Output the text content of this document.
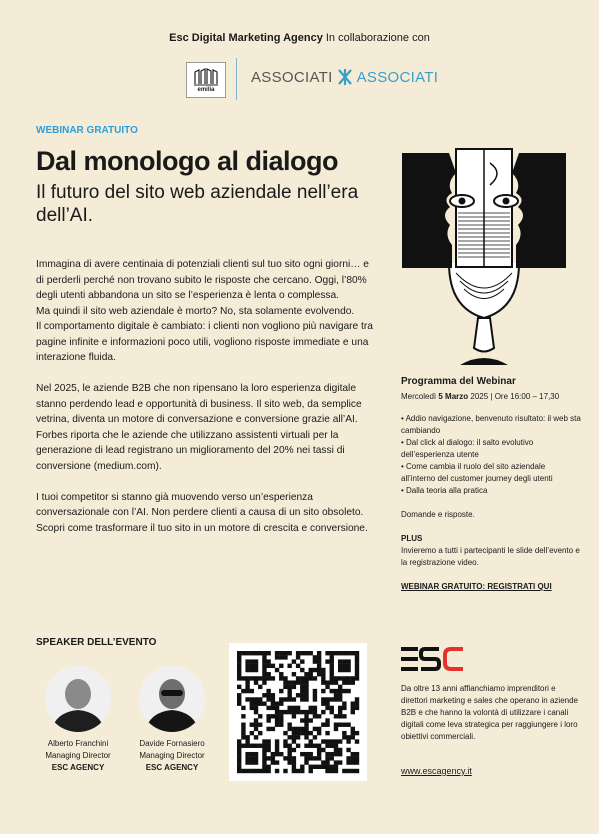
Esc Digital Marketing Agency In collaborazione con
emilia
ASSOCIATI ASSOCIATI
WEBINAR GRATUITO
Dal monologo al dialogo
Il futuro del sito web aziendale nell’era dell’AI.

Immagina di avere centinaia di potenziali clienti sul tuo sito ogni giorni… e di perderli perché non trovano subito le risposte che cercano. Oggi, l’80% degli utenti abbandona un sito se l’esperienza è lenta o complessa.
Ma quindi il sito web aziendale è morto? No, sta solamente evolvendo.
Il comportamento digitale è cambiato: i clienti non vogliono più navigare tra pagine infinite e informazioni poco utili, vogliono risposte immediate e una interazione fluida.

Nel 2025, le aziende B2B che non ripensano la loro esperienza digitale stanno perdendo lead e opportunità di business. Il sito web, da semplice vetrina, diventa un motore di conversazione e conversione grazie all’AI.
Forbes riporta che le aziende che utilizzano assistenti virtuali per la generazione di lead registrano un miglioramento del 20% nei tassi di conversione (medium.com).

I tuoi competitor si stanno già muovendo verso un’esperienza conversazionale con l’AI. Non perdere clienti a causa di un sito obsoleto. Scopri come trasformare il tuo sito in un motore di crescita e conversione.

Programma del Webinar
Mercoledì 5 Marzo 2025 | Ore 16:00 – 17,30
• Addio navigazione, benvenuto risultato: il web sta cambiando
• Dal click al dialogo: il salto evolutivo dell’esperienza utente
• Come cambia il ruolo del sito aziendale all’interno del customer journey degli utenti
• Dalla teoria alla pratica
Domande e risposte.
PLUS
Invieremo a tutti i partecipanti le slide dell’evento e la registrazione video.
WEBINAR GRATUITO: REGISTRATI QUI
SPEAKER DELL’EVENTO
Alberto Franchini
Managing Director
ESC AGENCY
Davide Fornasiero
Managing Director
ESC AGENCY
Da oltre 13 anni affianchiamo imprenditori e direttori marketing e sales che operano in aziende B2B e che hanno la volontà di utilizzare i canali digitali come leva strategica per raggiungere i loro obiettivi commerciali.
www.escagency.it
